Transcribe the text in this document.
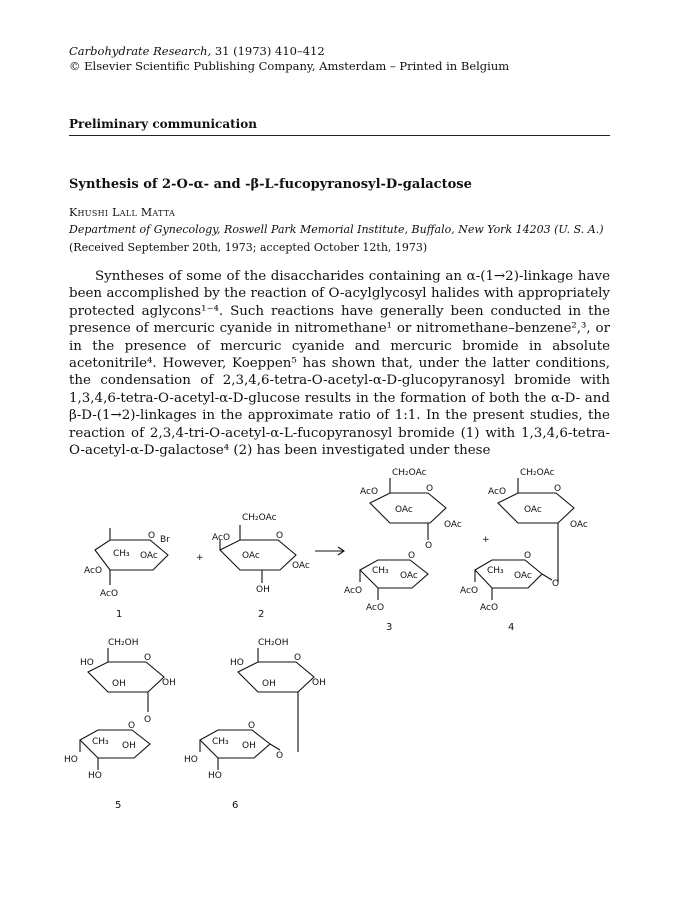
Carbohydrate Research, 31 (1973) 410–412
© Elsevier Scientific Publishing Company, Amsterdam – Printed in Belgium
Preliminary communication
Synthesis of 2-O-α- and -β-L-fucopyranosyl-D-galactose
Khushi Lall Matta
Department of Gynecology, Roswell Park Memorial Institute, Buffalo, New York 14203 (U. S. A.)
(Received September 20th, 1973; accepted October 12th, 1973)

Syntheses of some of the disaccharides containing an α-(1→2)-linkage have been accomplished by the reaction of O-acylglycosyl halides with appropriately protected aglycons¹⁻⁴. Such reactions have generally been conducted in the presence of mercuric cyanide in nitromethane¹ or nitromethane–benzene²,³, or in the presence of mercuric cyanide and mercuric bromide in absolute acetonitrile⁴. However, Koeppen⁵ has shown that, under the latter conditions, the condensation of 2,3,4,6-tetra-O-acetyl-α-D-glucopyranosyl bromide with 1,3,4,6-tetra-O-acetyl-α-D-glucose results in the formation of both the α-D- and β-D-(1→2)-linkages in the approximate ratio of 1:1. In the present studies, the reaction of 2,3,4-tri-O-acetyl-α-L-fucopyranosyl bromide (1) with 1,3,4,6-tetra-O-acetyl-α-D-galactose⁴ (2) has been investigated under these

O Br
CH₃ OAc
AcO
AcO
1
+
CH₂OAc
O
AcO
OAc
OAc
OH
2
CH₂OAc
O
AcO
OAc
OAc
O
O
CH₃ OAc
AcO
AcO
3
+
CH₂OAc
O
AcO
OAc
OAc
O
CH₃ OAc
O
AcO
AcO
4
CH₂OH
O
HO
OH	OH
O
O
CH₃ OH
HO
HO
5
CH₂OH
O
HO
OH	OH
O
CH₃ OH
O
HO
HO
6
